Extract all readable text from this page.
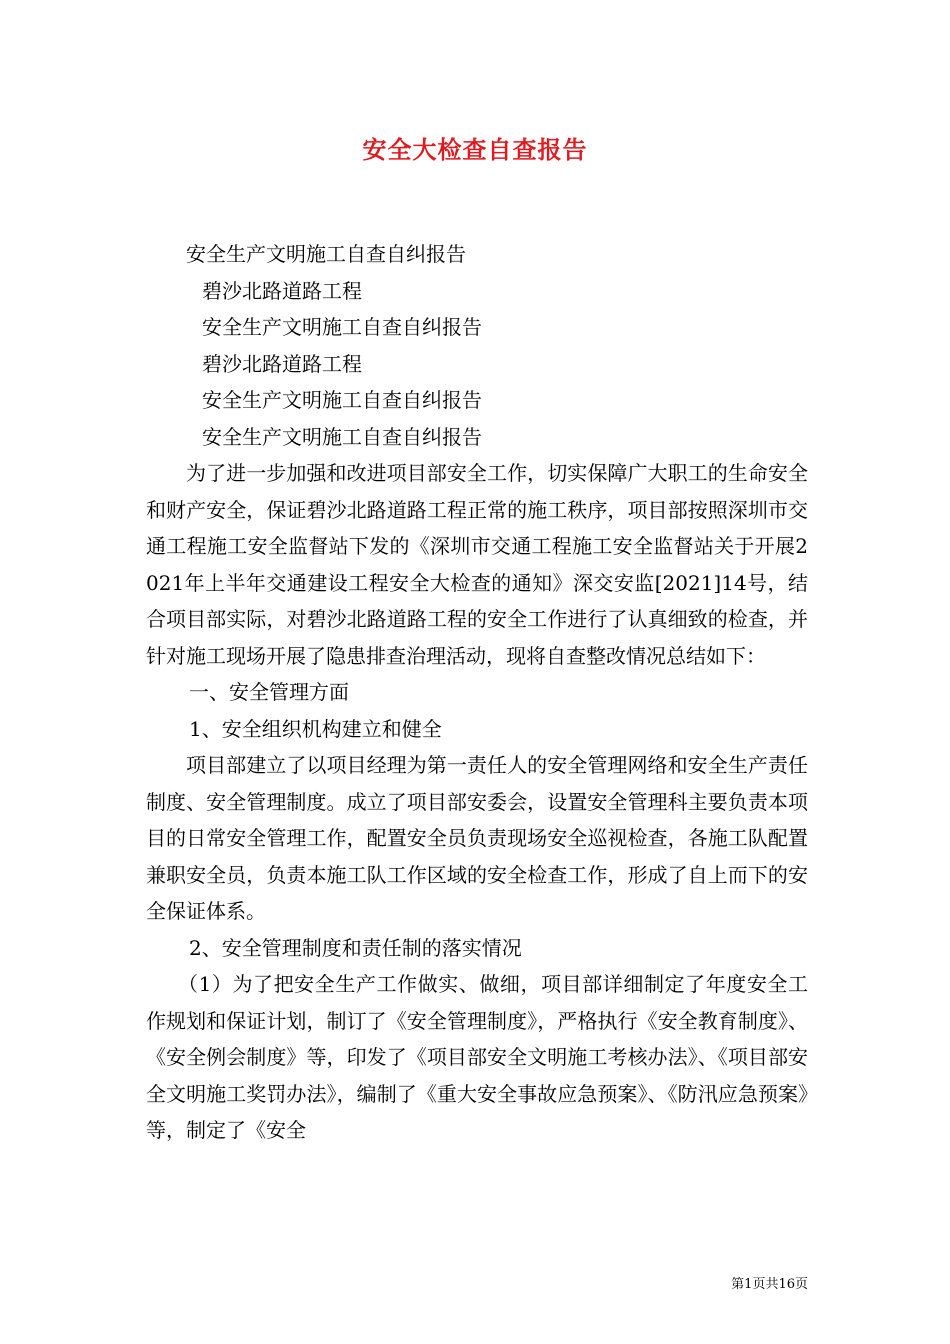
安全大检查自查报告
安全生产文明施工自查自纠报告
碧沙北路道路工程
安全生产文明施工自查自纠报告
碧沙北路道路工程
安全生产文明施工自查自纠报告
安全生产文明施工自查自纠报告
为了进一步加强和改进项目部安全工作，切实保障广大职工的生命安全和财产安全，保证碧沙北路道路工程正常的施工秩序，项目部按照深圳市交通工程施工安全监督站下发的《深圳市交通工程施工安全监督站关于开展2021年上半年交通建设工程安全大检查的通知》深交安监[2021]14号，结合项目部实际，对碧沙北路道路工程的安全工作进行了认真细致的检查，并针对施工现场开展了隐患排查治理活动，现将自查整改情况总结如下：
一、安全管理方面
1、安全组织机构建立和健全
项目部建立了以项目经理为第一责任人的安全管理网络和安全生产责任制度、安全管理制度。成立了项目部安委会，设置安全管理科主要负责本项目的日常安全管理工作，配置安全员负责现场安全巡视检查，各施工队配置兼职安全员，负责本施工队工作区域的安全检查工作，形成了自上而下的安全保证体系。
2、安全管理制度和责任制的落实情况
（1）为了把安全生产工作做实、做细，项目部详细制定了年度安全工作规划和保证计划，制订了《安全管理制度》，严格执行《安全教育制度》、《安全例会制度》等，印发了《项目部安全文明施工考核办法》、《项目部安全文明施工奖罚办法》，编制了《重大安全事故应急预案》、《防汛应急预案》等，制定了《安全
第1页共16页
